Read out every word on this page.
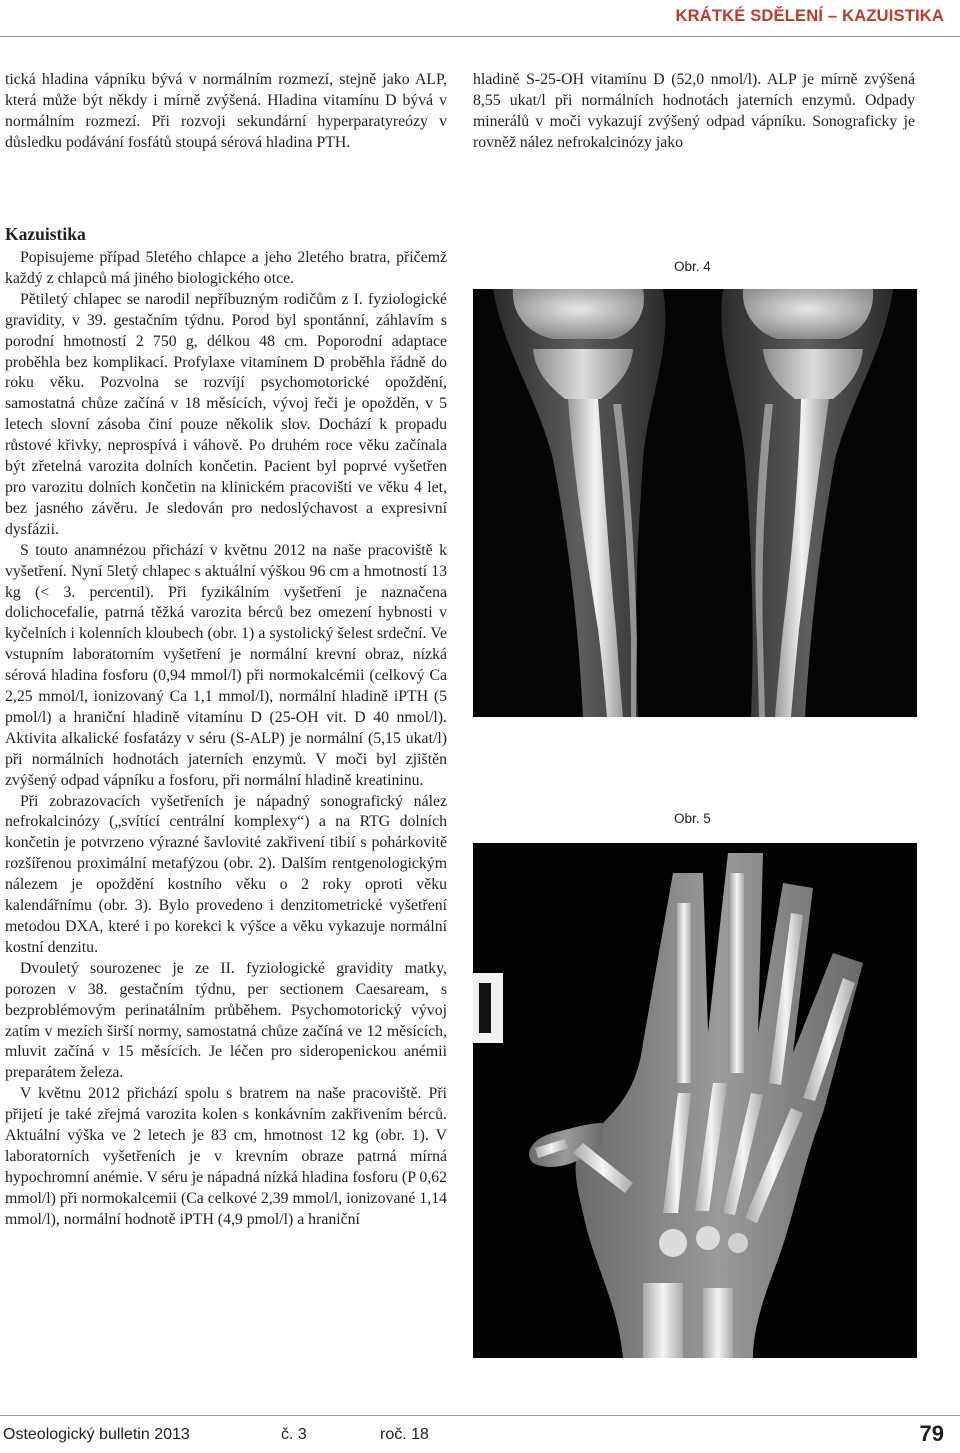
KRÁTKÉ SDĚLENÍ – KAZUISTIKA

tická hladina vápníku bývá v normálním rozmezí, stejně jako ALP, která může být někdy i mírně zvýšená. Hladina vitamínu D bývá v normálním rozmezí. Při rozvoji sekundární hyperparatyreózy v důsledku podávání fosfátů stoupá sérová hladina PTH.

hladině S-25-OH vitamínu D (52,0 nmol/l). ALP je mírně zvýšená 8,55 ukat/l při normálních hodnotách jaterních enzymů. Odpady minerálů v moči vykazují zvýšený odpad vápníku. Sonograficky je rovněž nález nefrokalcinózy jako

Kazuistika

Popisujeme případ 5letého chlapce a jeho 2letého bratra, přičemž každý z chlapců má jiného biologického otce.

Pětiletý chlapec se narodil nepříbuzným rodičům z I. fyziologické gravidity, v 39. gestačním týdnu. Porod byl spontánní, záhlavím s porodní hmotností 2 750 g, délkou 48 cm. Poporodní adaptace proběhla bez komplikací. Profylaxe vitamínem D proběhla řádně do roku věku. Pozvolna se rozvíjí psychomotorické opoždění, samostatná chůze začíná v 18 měsících, vývoj řeči je opožděn, v 5 letech slovní zásoba činí pouze několik slov. Dochází k propadu růstové křivky, neprospívá i váhově. Po druhém roce věku začínala být zřetelná varozita dolních končetin. Pacient byl poprvé vyšetřen pro varozitu dolních končetin na klinickém pracovišti ve věku 4 let, bez jasného závěru. Je sledován pro nedoslýchavost a expresivní dysfázii.

S touto anamnézou přichází v květnu 2012 na naše pracoviště k vyšetření. Nyní 5letý chlapec s aktuální výškou 96 cm a hmotností 13 kg (< 3. percentil). Při fyzikálním vyšetření je naznačena dolichocefalie, patrná těžká varozita bérců bez omezení hybnosti v kyčelních i kolenních kloubech (obr. 1) a systolický šelest srdeční. Ve vstupním laboratorním vyšetření je normální krevní obraz, nízká sérová hladina fosforu (0,94 mmol/l) při normokalcémii (celkový Ca 2,25 mmol/l, ionizovaný Ca 1,1 mmol/l), normální hladině iPTH (5 pmol/l) a hraniční hladině vitamínu D (25-OH vit. D 40 nmol/l). Aktivita alkalické fosfatázy v séru (S-ALP) je normální (5,15 ukat/l) při normálních hodnotách jaterních enzymů. V moči byl zjištěn zvýšený odpad vápníku a fosforu, při normální hladině kreatininu.

Při zobrazovacích vyšetřeních je nápadný sonografický nález nefrokalcinózy („svítící centrální komplexy“) a na RTG dolních končetin je potvrzeno výrazné šavlovité zakřivení tibií s pohárkovitě rozšířenou proximální metafýzou (obr. 2). Dalším rentgenologickým nálezem je opoždění kostního věku o 2 roky oproti věku kalendářnímu (obr. 3). Bylo provedeno i denzitometrické vyšetření metodou DXA, které i po korekci k výšce a věku vykazuje normální kostní denzitu.

Dvouletý sourozenec je ze II. fyziologické gravidity matky, porozen v 38. gestačním týdnu, per sectionem Caesaream, s bezproblémovým perinatálním průběhem. Psychomotorický vývoj zatím v mezích širší normy, samostatná chůze začíná ve 12 měsících, mluvit začíná v 15 měsících. Je léčen pro sideropenickou anémii preparátem železa.

V květnu 2012 přichází spolu s bratrem na naše pracoviště. Při přijetí je také zřejmá varozita kolen s konkávním zakřivením bérců. Aktuální výška ve 2 letech je 83 cm, hmotnost 12 kg (obr. 1). V laboratorních vyšetřeních je v krevním obraze patrná mírná hypochromní anémie. V séru je nápadná nízká hladina fosforu (P 0,62 mmol/l) při normokalcemii (Ca celkové 2,39 mmol/l, ionizované 1,14 mmol/l), normální hodnotě iPTH (4,9 pmol/l) a hraniční

Obr. 4
Obr. 5
Osteologický bulletin 2013	č. 3	roč. 18	79
